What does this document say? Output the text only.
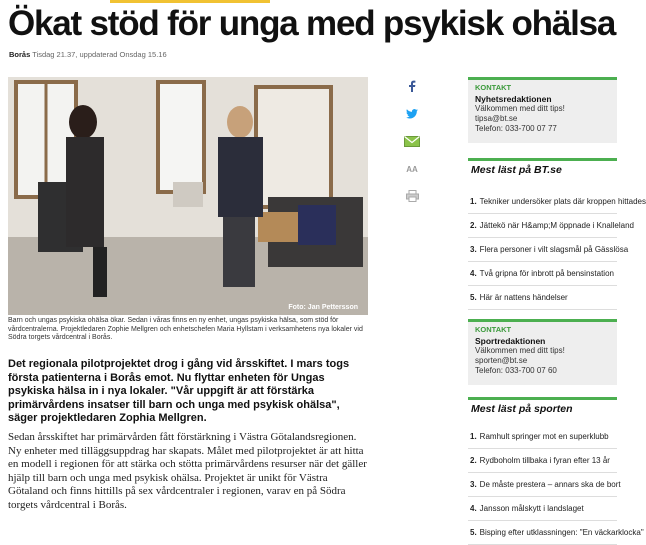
Ökat stöd för unga med psykisk ohälsa
Borås Tisdag 21.37, uppdaterad Onsdag 15.16
Foto: Jan Pettersson
Barn och ungas psykiska ohälsa ökar. Sedan i våras finns en ny enhet, ungas psykiska hälsa, som stöd för vårdcentralerna. Projektledaren Zophie Mellgren och enhetschefen Maria Hyllstam i verksamhetens nya lokaler vid Södra torgets vårdcentral i Borås.
Det regionala pilotprojektet drog i gång vid årsskiftet. I mars togs första patienterna i Borås emot. Nu flyttar enheten för Ungas psykiska hälsa in i nya lokaler. "Vår uppgift är att förstärka primärvårdens insatser till barn och unga med psykisk ohälsa", säger projektledaren Zophia Mellgren.
Sedan årsskiftet har primärvården fått förstärkning i Västra Götalandsregionen. Ny enheter med tilläggsuppdrag har skapats. Målet med pilotprojektet är att hitta en modell i regionen för att stärka och stötta primärvårdens resurser när det gäller hjälp till barn och unga med psykisk ohälsa. Projektet är unikt för Västra Götaland och finns hittills på sex vårdcentraler i regionen, varav en på Södra torgets vårdcentral i Borås.
AA
KONTAKT
Nyhetsredaktionen
Välkommen med ditt tips!
tipsa@bt.se
Telefon: 033-700 07 77
Mest läst på BT.se
1. Tekniker undersöker plats där kroppen hittades
2. Jättekö när H&amp;M öppnade i Knalleland
3. Flera personer i vilt slagsmål på Gässlösa
4. Två gripna för inbrott på bensinstation
5. Här är nattens händelser
KONTAKT
Sportredaktionen
Välkommen med ditt tips!
sporten@bt.se
Telefon: 033-700 07 60
Mest läst på sporten
1. Ramhult springer mot en superklubb
2. Rydboholm tillbaka i fyran efter 13 år
3. De måste prestera – annars ska de bort
4. Jansson målskytt i landslaget
5. Bisping efter utklassningen: "En väckarklocka"
